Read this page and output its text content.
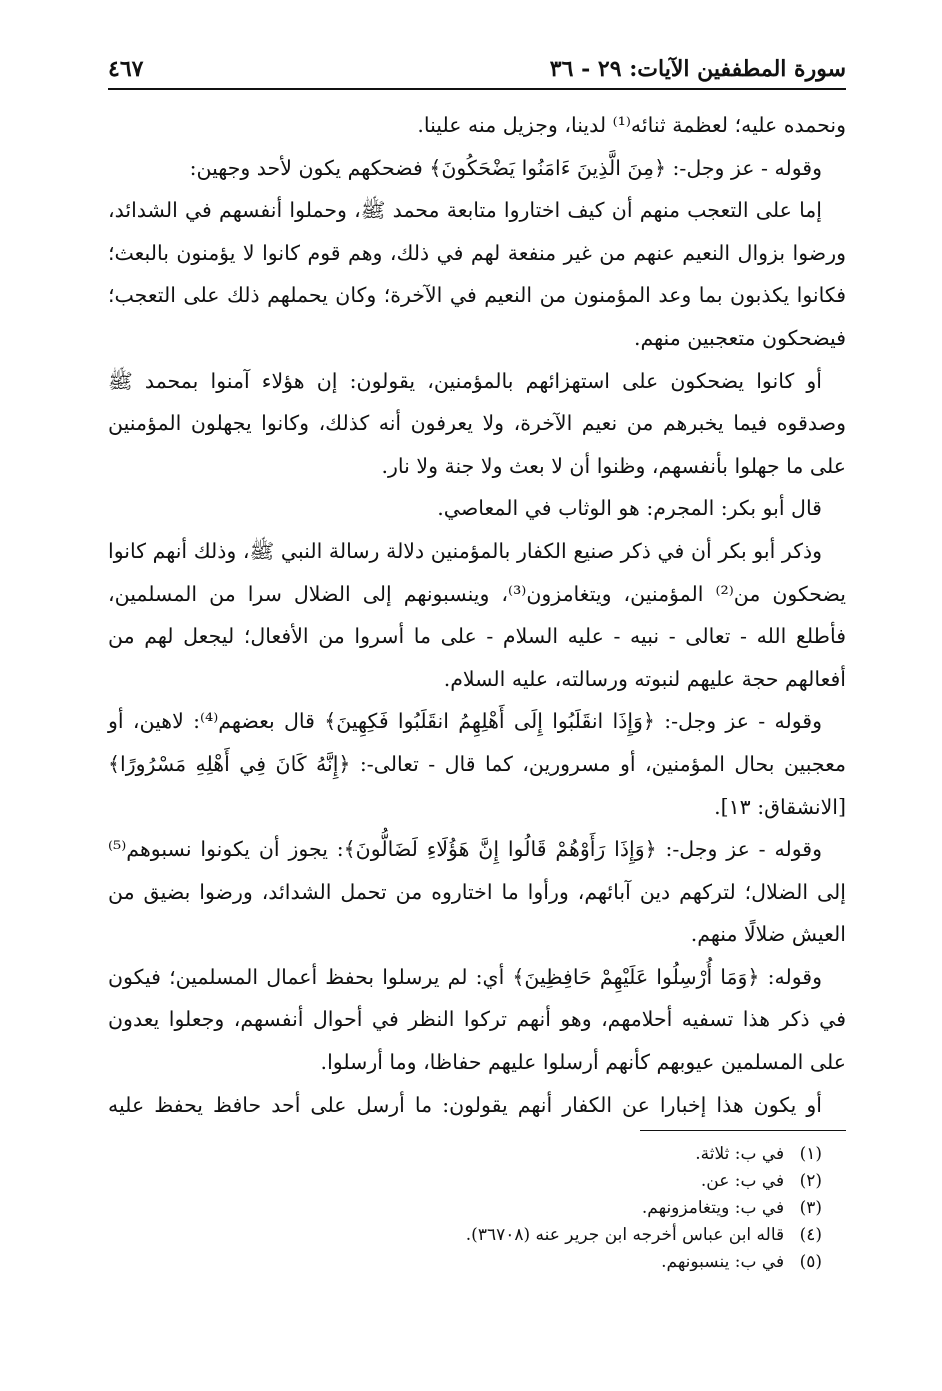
سورة المطففين الآيات: ٢٩ - ٣٦
٤٦٧

ونحمده عليه؛ لعظمة ثنائه⁽¹⁾ لدينا، وجزيل منه علينا.

وقوله - عز وجل-: ﴿مِنَ الَّذِينَ ءَامَنُوا يَضْحَكُونَ﴾ فضحكهم يكون لأحد وجهين:

إما على التعجب منهم أن كيف اختاروا متابعة محمد ﷺ، وحملوا أنفسهم في الشدائد، ورضوا بزوال النعيم عنهم من غير منفعة لهم في ذلك، وهم قوم كانوا لا يؤمنون بالبعث؛ فكانوا يكذبون بما وعد المؤمنون من النعيم في الآخرة؛ وكان يحملهم ذلك على التعجب؛ فيضحكون متعجبين منهم.

أو كانوا يضحكون على استهزائهم بالمؤمنين، يقولون: إن هؤلاء آمنوا بمحمد ﷺ وصدقوه فيما يخبرهم من نعيم الآخرة، ولا يعرفون أنه كذلك، وكانوا يجهلون المؤمنين على ما جهلوا بأنفسهم، وظنوا أن لا بعث ولا جنة ولا نار.

قال أبو بكر: المجرم: هو الوثاب في المعاصي.

وذكر أبو بكر أن في ذكر صنيع الكفار بالمؤمنين دلالة رسالة النبي ﷺ، وذلك أنهم كانوا يضحكون من⁽²⁾ المؤمنين، ويتغامزون⁽³⁾، وينسبونهم إلى الضلال سرا من المسلمين، فأطلع الله - تعالى - نبيه - عليه السلام - على ما أسروا من الأفعال؛ ليجعل لهم من أفعالهم حجة عليهم لنبوته ورسالته، عليه السلام.

وقوله - عز وجل-: ﴿وَإِذَا انقَلَبُوا إِلَى أَهْلِهِمُ انقَلَبُوا فَكِهِينَ﴾ قال بعضهم⁽⁴⁾: لاهين، أو معجبين بحال المؤمنين، أو مسرورين، كما قال - تعالى-: ﴿إِنَّهُ كَانَ فِي أَهْلِهِ مَسْرُورًا﴾ [الانشقاق: ١٣].

وقوله - عز وجل-: ﴿وَإِذَا رَأَوْهُمْ قَالُوا إِنَّ هَؤُلَاءِ لَضَالُّونَ﴾: يجوز أن يكونوا نسبوهم⁽⁵⁾ إلى الضلال؛ لتركهم دين آبائهم، ورأوا ما اختاروه من تحمل الشدائد، ورضوا بضيق من العيش ضلالًا منهم.

وقوله: ﴿وَمَا أُرْسِلُوا عَلَيْهِمْ حَافِظِينَ﴾ أي: لم يرسلوا بحفظ أعمال المسلمين؛ فيكون في ذكر هذا تسفيه أحلامهم، وهو أنهم تركوا النظر في أحوال أنفسهم، وجعلوا يعدون على المسلمين عيوبهم كأنهم أرسلوا عليهم حفاظا، وما أرسلوا.

أو يكون هذا إخبارا عن الكفار أنهم يقولون: ما أرسل على أحد حافظ يحفظ عليه

(١) في ب: ثلاثة.
(٢) في ب: عن.
(٣) في ب: ويتغامزونهم.
(٤) قاله ابن عباس أخرجه ابن جرير عنه (٣٦٧٠٨).
(٥) في ب: ينسبونهم.
